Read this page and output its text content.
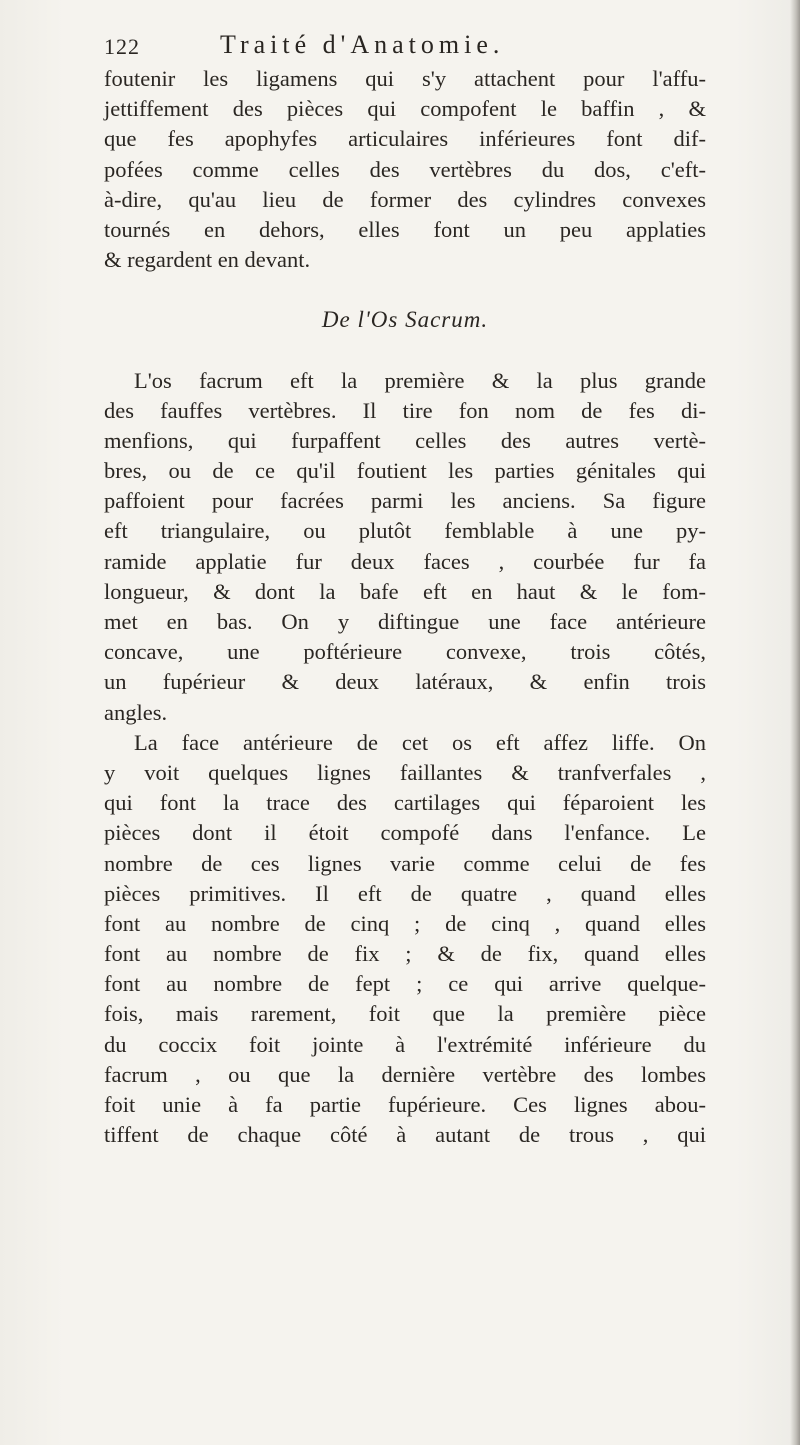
122	Traité d'Anatomie.
foutenir les ligamens qui s'y attachent pour l'affu-
jettiffement des pièces qui compofent le baffin , &
que fes apophyfes articulaires inférieures font dif-
pofées comme celles des vertèbres du dos, c'eft-
à-dire, qu'au lieu de former des cylindres convexes
tournés en dehors, elles font un peu applaties
& regardent en devant.
De l'Os Sacrum.
L'os facrum eft la première & la plus grande
des fauffes vertèbres. Il tire fon nom de fes di-
menfions, qui furpaffent celles des autres vertè-
bres, ou de ce qu'il foutient les parties génitales qui
paffoient pour facrées parmi les anciens. Sa figure
eft triangulaire, ou plutôt femblable à une py-
ramide applatie fur deux faces , courbée fur fa
longueur, & dont la bafe eft en haut & le fom-
met en bas. On y diftingue une face antérieure
concave, une poftérieure convexe, trois côtés,
un fupérieur & deux latéraux, & enfin trois
angles.
La face antérieure de cet os eft affez liffe. On
y voit quelques lignes faillantes & tranfverfales ,
qui font la trace des cartilages qui féparoient les
pièces dont il étoit compofé dans l'enfance. Le
nombre de ces lignes varie comme celui de fes
pièces primitives. Il eft de quatre , quand elles
font au nombre de cinq ; de cinq , quand elles
font au nombre de fix ; & de fix, quand elles
font au nombre de fept ; ce qui arrive quelque-
fois, mais rarement, foit que la première pièce
du coccix foit jointe à l'extrémité inférieure du
facrum , ou que la dernière vertèbre des lombes
foit unie à fa partie fupérieure. Ces lignes abou-
tiffent de chaque côté à autant de trous , qui
